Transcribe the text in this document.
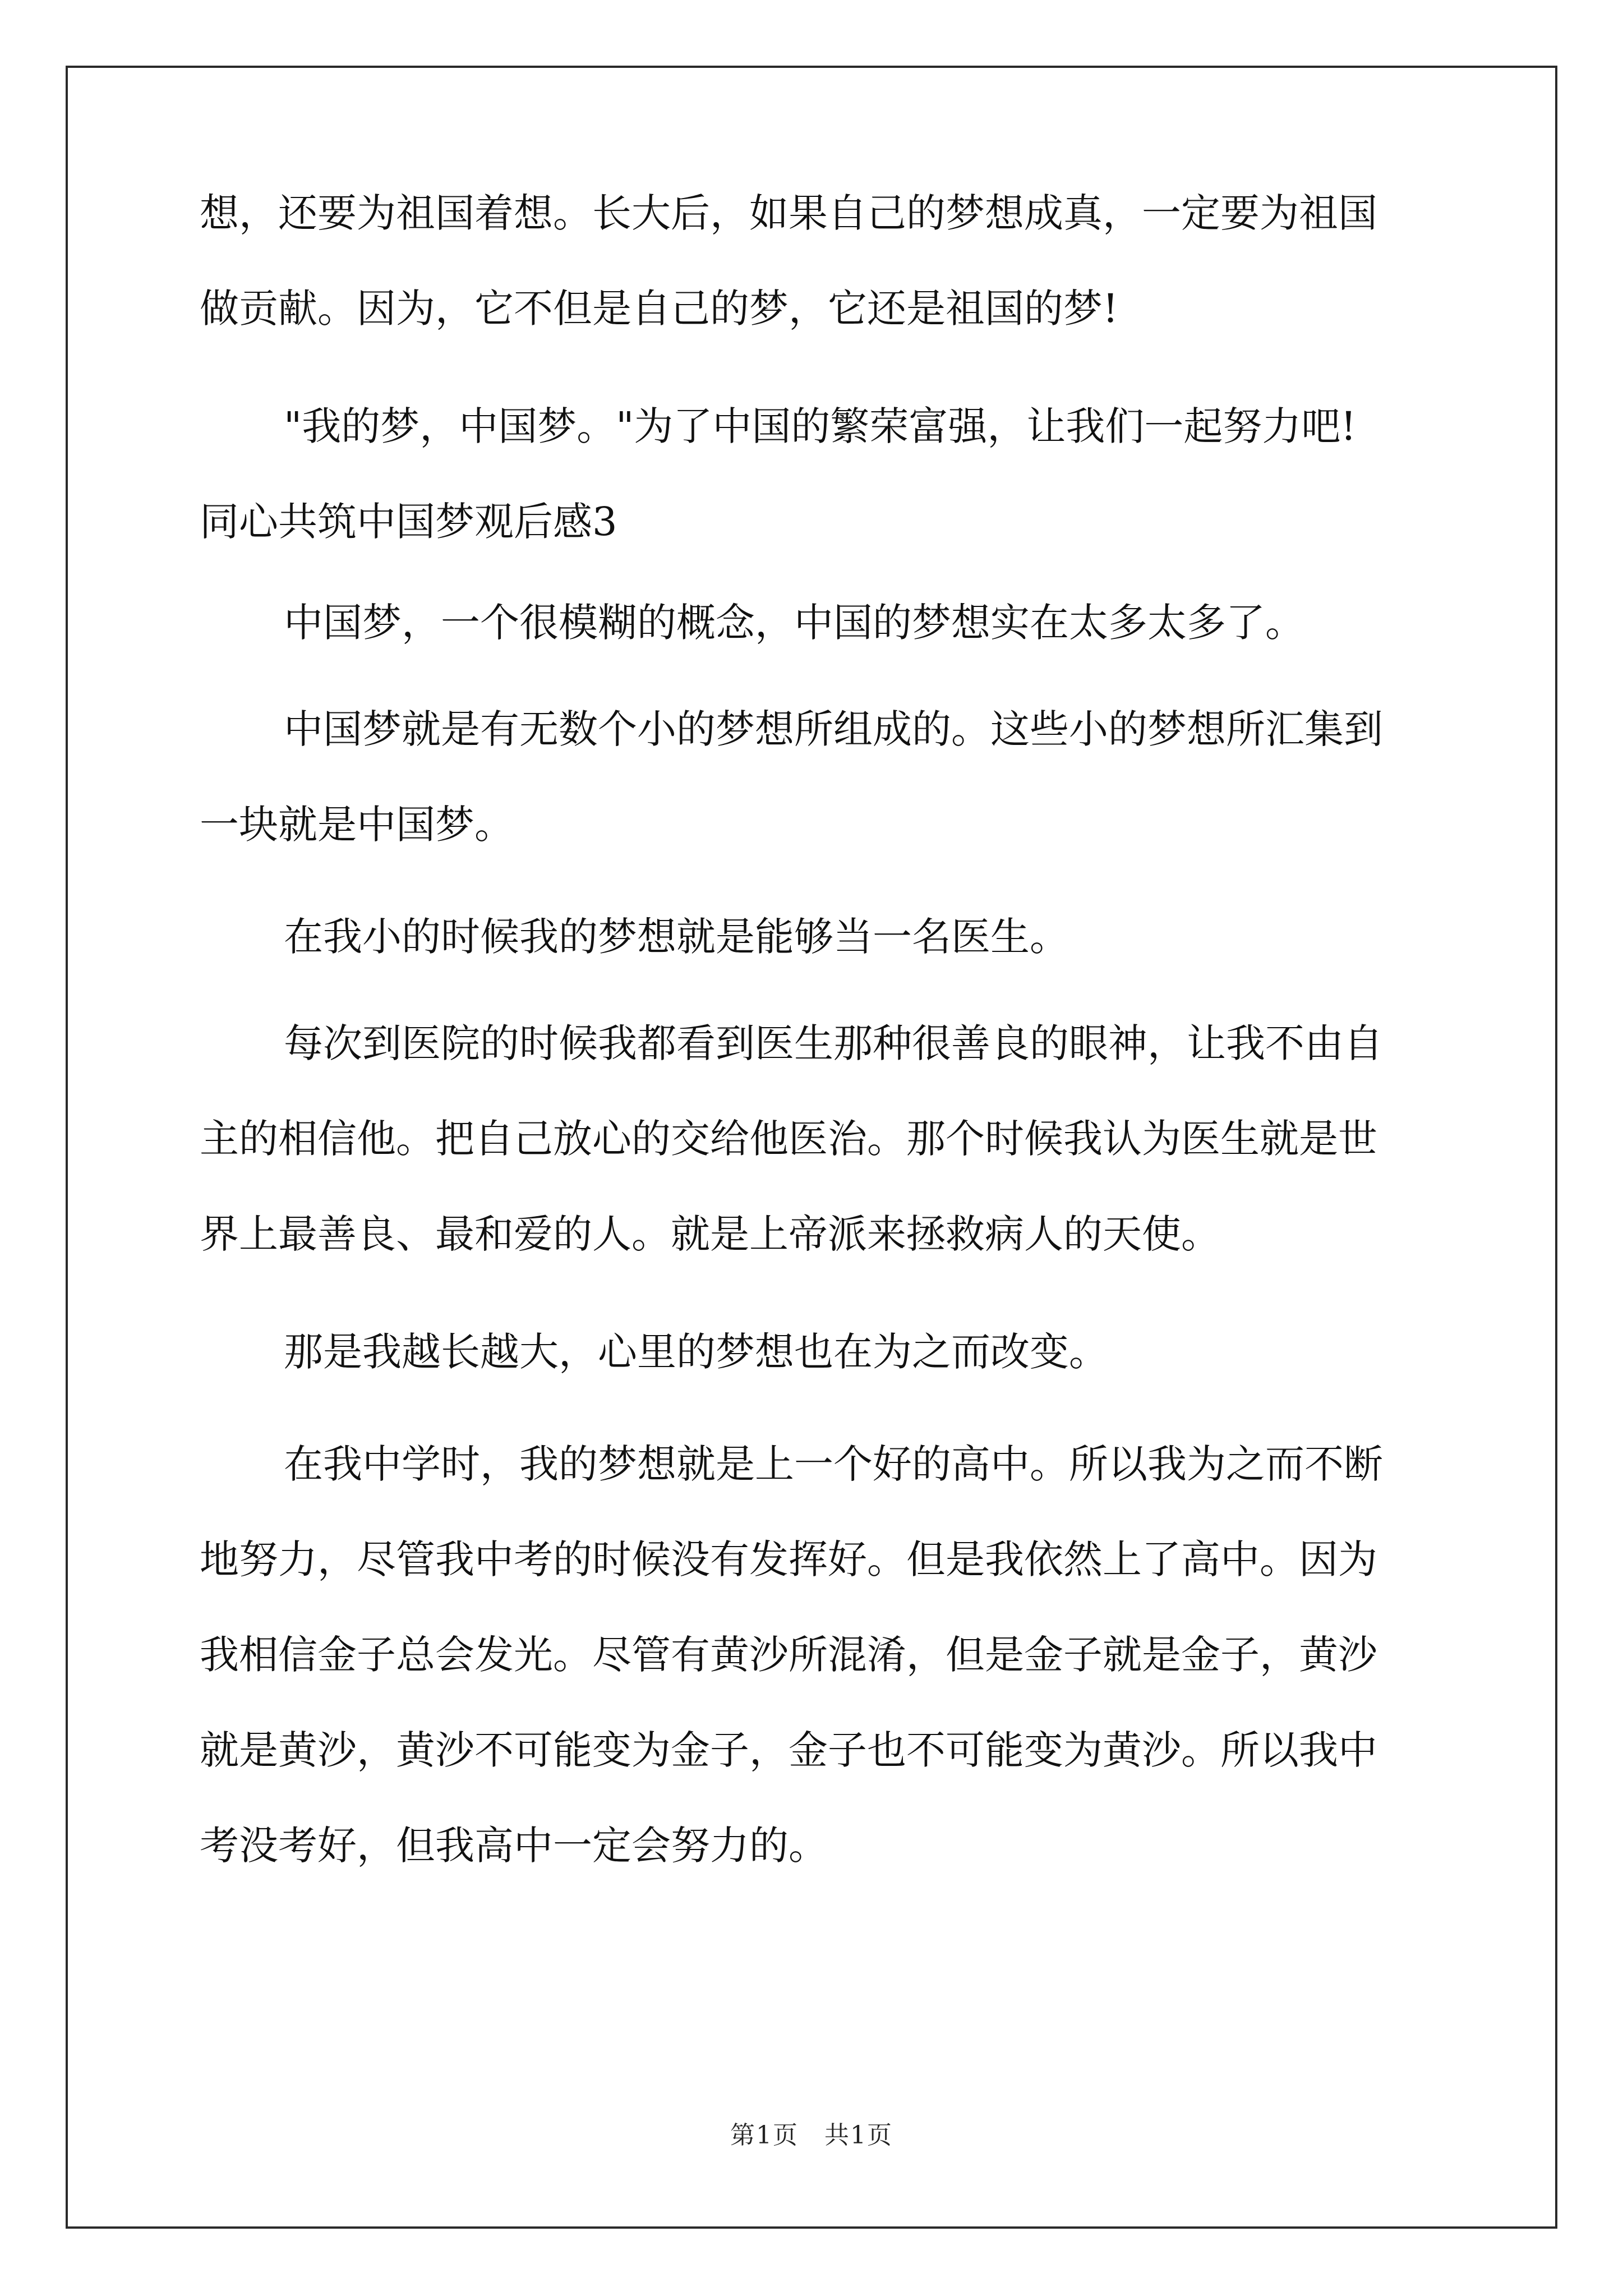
想，还要为祖国着想。长大后，如果自己的梦想成真，一定要为祖国
做贡献。因为，它不但是自己的梦，它还是祖国的梦!
"我的梦，中国梦。"为了中国的繁荣富强，让我们一起努力吧!
同心共筑中国梦观后感3
中国梦，一个很模糊的概念，中国的梦想实在太多太多了。
中国梦就是有无数个小的梦想所组成的。这些小的梦想所汇集到
一块就是中国梦。
在我小的时候我的梦想就是能够当一名医生。
每次到医院的时候我都看到医生那种很善良的眼神，让我不由自
主的相信他。把自己放心的交给他医治。那个时候我认为医生就是世
界上最善良、最和爱的人。就是上帝派来拯救病人的天使。
那是我越长越大，心里的梦想也在为之而改变。
在我中学时，我的梦想就是上一个好的高中。所以我为之而不断
地努力，尽管我中考的时候没有发挥好。但是我依然上了高中。因为
我相信金子总会发光。尽管有黄沙所混淆，但是金子就是金子，黄沙
就是黄沙，黄沙不可能变为金子，金子也不可能变为黄沙。所以我中
考没考好，但我高中一定会努力的。
第1页　共1页
